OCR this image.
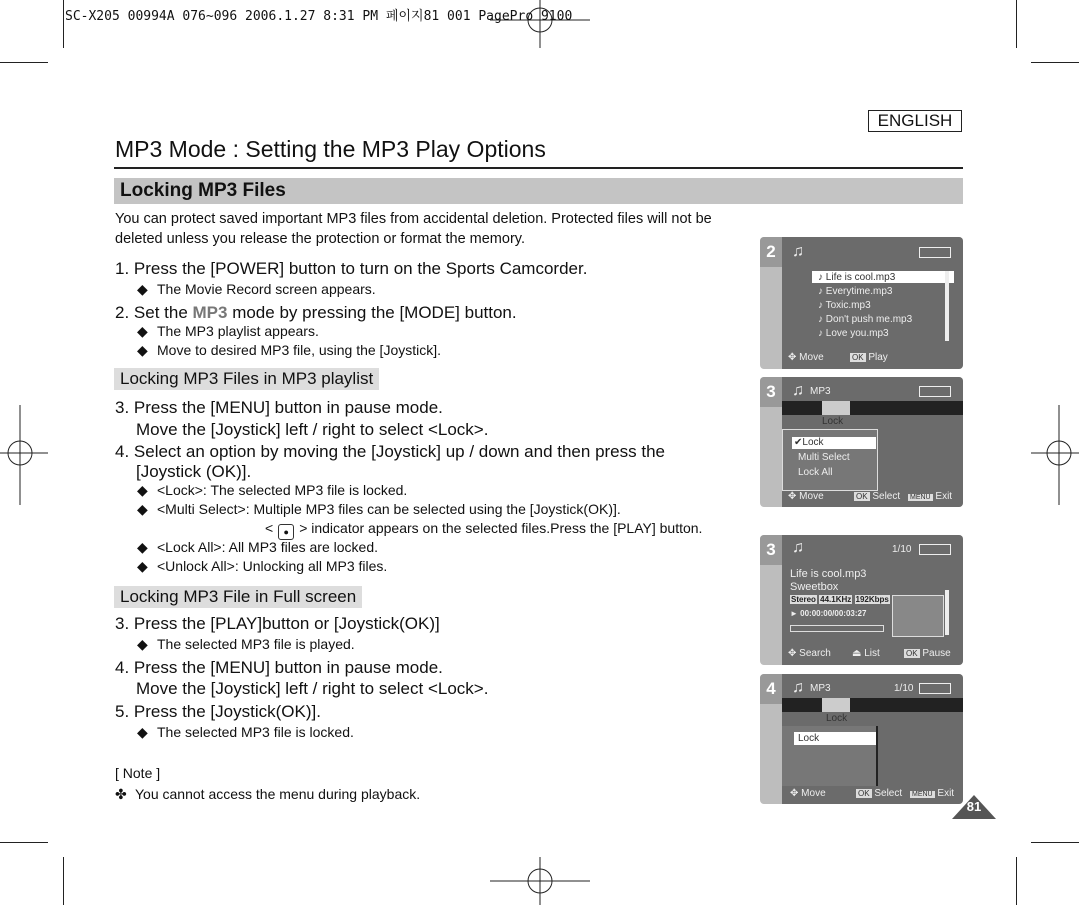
SC-X205 00994A 076~096 2006.1.27 8:31 PM 페이지81 001 PagePro 9100
ENGLISH
MP3 Mode : Setting the MP3 Play Options
Locking MP3 Files
You can protect saved important MP3 files from accidental deletion. Protected files will not be deleted unless you release the protection or format the memory.
1. Press the [POWER] button to turn on the Sports Camcorder.
◆ The Movie Record screen appears.
2. Set the MP3 mode by pressing the [MODE] button.
◆ The MP3 playlist appears.
◆ Move to desired MP3 file, using the [Joystick].
Locking MP3 Files in MP3 playlist
3. Press the [MENU] button in pause mode.
Move the [Joystick] left / right to select <Lock>.
4. Select an option by moving the [Joystick] up / down and then press the
[Joystick (OK)].
◆ <Lock>: The selected MP3 file is locked.
◆ <Multi Select>: Multiple MP3 files can be selected using the [Joystick(OK)].
< ● > indicator appears on the selected files.Press the [PLAY] button.
◆ <Lock All>: All MP3 files are locked.
◆ <Unlock All>: Unlocking all MP3 files.
Locking MP3 File in Full screen
3. Press the [PLAY]button or [Joystick(OK)]
◆ The selected MP3 file is played.
4. Press the [MENU] button in pause mode.
Move the [Joystick] left / right to select <Lock>.
5. Press the [Joystick(OK)].
◆ The selected MP3 file is locked.
[ Note ]
✤ You cannot access the menu during playback.
2	♫
♪ Life is cool.mp3
♪ Everytime.mp3
♪ Toxic.mp3
♪ Don't push me.mp3
♪ Love you.mp3
✥ Move	OK Play
3	♫ MP3
Lock
✔Lock
Multi Select
Lock All
✥ Move	OK Select MENU Exit
3	♫	1/10
Life is cool.mp3
Sweetbox
Stereo 44.1KHz 192Kbps
► 00:00:00/00:03:27
✥ Search ⏏ List	OK Pause
4	♫ MP3	1/10
Lock
Lock
✥ Move	OK Select MENU Exit
81
